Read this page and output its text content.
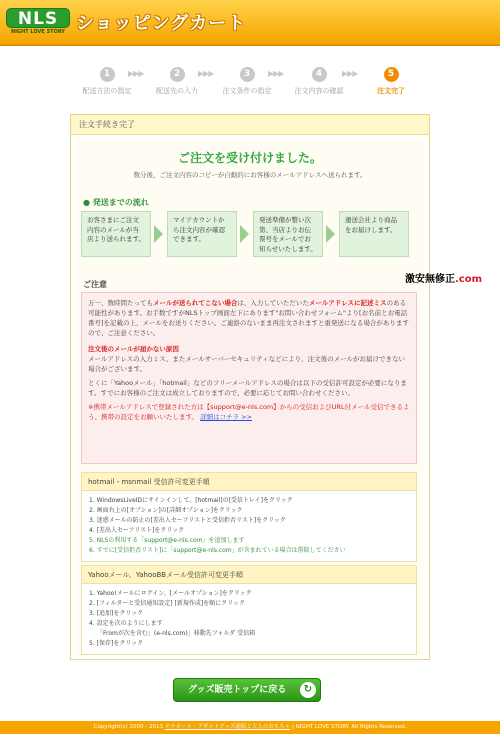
NLS
NIGHT LOVE STORY ショッピングカート
1
配送方法の指定
▶▶▶	2
配送先の入力
▶▶▶	3
注文条件の指定
▶▶▶	4
注文内容の確認
▶▶▶	5
注文完了
注文手続き完了
ご注文を受け付けました。
数分後、ご注文内容のコピーが自動的にお客様のメールアドレスへ送られます。
● 発送までの流れ
お客さまにご注文内容のメールが当店より送られます。
マイアカウントから注文内容が確認できます。
発送準備が整い次第、当店よりお伝票号をメールでお知らせいたします。
運送会社より商品をお届けします。
ご注意

万一、数時間たってもメールが送られてこない場合は、入力していただいたメールアドレスに記述ミスのある可能性があります。お手数ですがNLSトップ画面左下にあります"お問い合わせフォーム"より[お名前とお電話番号]を記載の上、メールをお送りください。ご連絡のないまま再注文されますと重発送になる場合がありますので、ご注意ください。

注文後のメールが届かない原因
メールアドレスの入力ミス、またメールサーバーセキュリティなどにより、注文後のメールがお届けできない場合がございます。

とくに「Yahooメール」「hotmail」などのフリーメールアドレスの場合は以下の受信許可設定が必要になります。すでにお客様のご注文は成立しておりますので、必要に応じてお問い合わせください。

※携帯メールアドレスで登録された方は【support@e-nls.com】からの受信およびURL付メール受信できるよう、携帯の設定をお願いいたします。 詳細はコチラ >>

hotmail・msnmail 受信許可変更手順
1. WindowsLiveIDにサインインして、[hotmail]の[受信トレイ]をクリック
2. 画面右上の[オプション]の[詳細オプション]をクリック
3. 迷惑メールの防止の[差出人セーフリストと受信拒否リスト]をクリック
4. [差出人セーフリスト]をクリック
5. NLSの利用する「support@e-nls.com」を追加します
6. すでに[受信拒否リスト]に「support@e-nls.com」が含まれている場合は削除してください
Yahooメール、YahooBBメール受信許可変更手順
1. Yahoo!メールにログイン、[メールオプション]をクリック
2. [フィルターと受信通知設定] [新規作成]を順にクリック
3. [追加]をクリック
4. 設定を次のようにします
「Fromが次を含む」(e-nls.com)」移動先フォルダ 受信箱
5. [保存]をクリック
激安無修正.com
グッズ販売トップに戻る	↻
Copyright(c) 2000 - 2013 オナホール・アダルトグッズ通販と大人のおもちゃ | NIGHT LOVE STORY. All Rights Reserved.
